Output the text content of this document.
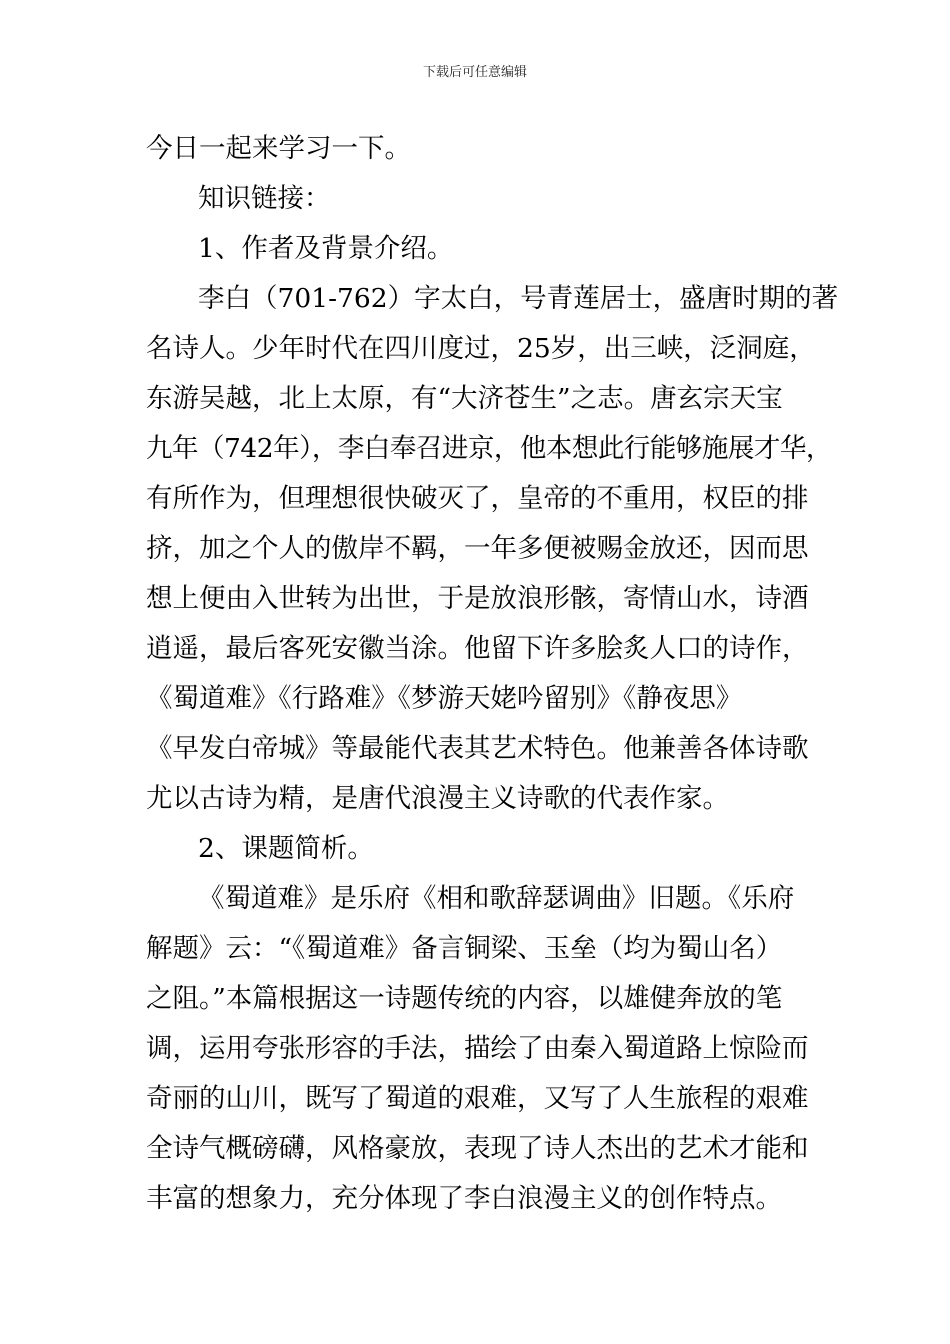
下载后可任意编辑
今日一起来学习一下。
知识链接：
1、作者及背景介绍。
李白（701-762）字太白，号青莲居士，盛唐时期的著
名诗人。少年时代在四川度过，25岁，出三峡，泛洞庭，
东游吴越，北上太原，有“大济苍生”之志。唐玄宗天宝
九年（742年），李白奉召进京，他本想此行能够施展才华，
有所作为，但理想很快破灭了，皇帝的不重用，权臣的排
挤，加之个人的傲岸不羁，一年多便被赐金放还，因而思
想上便由入世转为出世，于是放浪形骸，寄情山水，诗酒
逍遥，最后客死安徽当涂。他留下许多脍炙人口的诗作，
《蜀道难》《行路难》《梦游天姥吟留别》《静夜思》
《早发白帝城》等最能代表其艺术特色。他兼善各体诗歌
尤以古诗为精，是唐代浪漫主义诗歌的代表作家。
2、课题简析。
《蜀道难》是乐府《相和歌辞瑟调曲》旧题。《乐府
解题》云：“《蜀道难》备言铜梁、玉垒（均为蜀山名）
之阻。”本篇根据这一诗题传统的内容，以雄健奔放的笔
调，运用夸张形容的手法，描绘了由秦入蜀道路上惊险而
奇丽的山川，既写了蜀道的艰难，又写了人生旅程的艰难
全诗气概磅礴，风格豪放，表现了诗人杰出的艺术才能和
丰富的想象力，充分体现了李白浪漫主义的创作特点。
